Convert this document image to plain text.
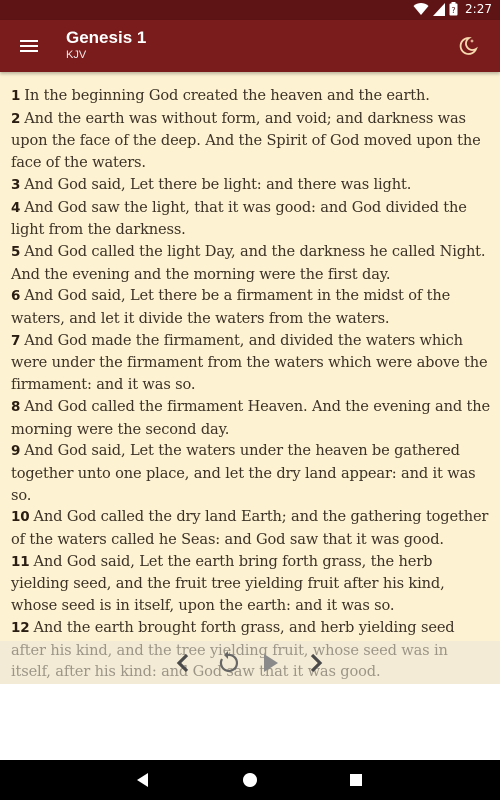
? 2:27
Genesis 1
KJV
1 In the beginning God created the heaven and the earth.
2 And the earth was without form, and void; and darkness was upon the face of the deep. And the Spirit of God moved upon the face of the waters.
3 And God said, Let there be light: and there was light.
4 And God saw the light, that it was good: and God divided the light from the darkness.
5 And God called the light Day, and the darkness he called Night. And the evening and the morning were the first day.
6 And God said, Let there be a firmament in the midst of the waters, and let it divide the waters from the waters.
7 And God made the firmament, and divided the waters which were under the firmament from the waters which were above the firmament: and it was so.
8 And God called the firmament Heaven. And the evening and the morning were the second day.
9 And God said, Let the waters under the heaven be gathered together unto one place, and let the dry land appear: and it was so.
10 And God called the dry land Earth; and the gathering together of the waters called he Seas: and God saw that it was good.
11 And God said, Let the earth bring forth grass, the herb yielding seed, and the fruit tree yielding fruit after his kind, whose seed is in itself, upon the earth: and it was so.
12 And the earth brought forth grass, and herb yielding seed
